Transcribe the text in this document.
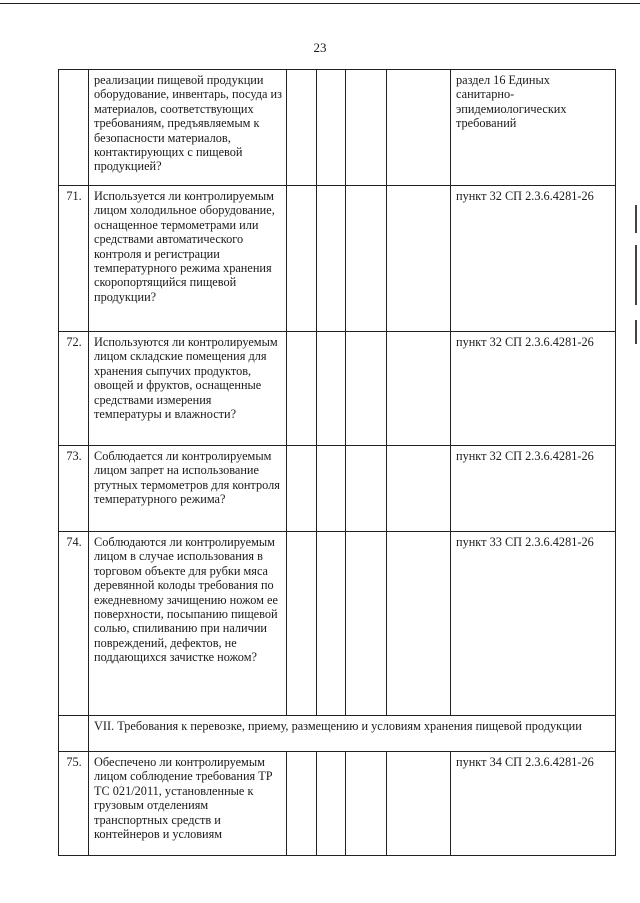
23
	реализации пищевой продукции оборудование, инвентарь, посуда из материалов, соответствующих требованиям, предъявляемым к безопасности материалов, контактирующих с пищевой продукцией?					раздел 16 Единых санитарно-эпидемиологических требований
71.	Используется ли контролируемым лицом холодильное оборудование, оснащенное термометрами или средствами автоматического контроля и регистрации температурного режима хранения скоропортящийся пищевой продукции?					пункт 32 СП 2.3.6.4281-26
72.	Используются ли контролируемым лицом складские помещения для хранения сыпучих продуктов, овощей и фруктов, оснащенные средствами измерения температуры и влажности?					пункт 32 СП 2.3.6.4281-26
73.	Соблюдается ли контролируемым лицом запрет на использование ртутных термометров для контроля температурного режима?					пункт 32 СП 2.3.6.4281-26
74.	Соблюдаются ли контролируемым лицом в случае использования в торговом объекте для рубки мяса деревянной колоды требования по ежедневному зачищению ножом ее поверхности, посыпанию пищевой солью, спиливанию при наличии повреждений, дефектов, не поддающихся зачистке ножом?					пункт 33 СП 2.3.6.4281-26
	VII. Требования к перевозке, приему, размещению и условиям хранения пищевой продукции					
75.	Обеспечено ли контролируемым лицом соблюдение требования ТР ТС 021/2011, установленные к грузовым отделениям транспортных средств и контейнеров и условиям					пункт 34 СП 2.3.6.4281-26
